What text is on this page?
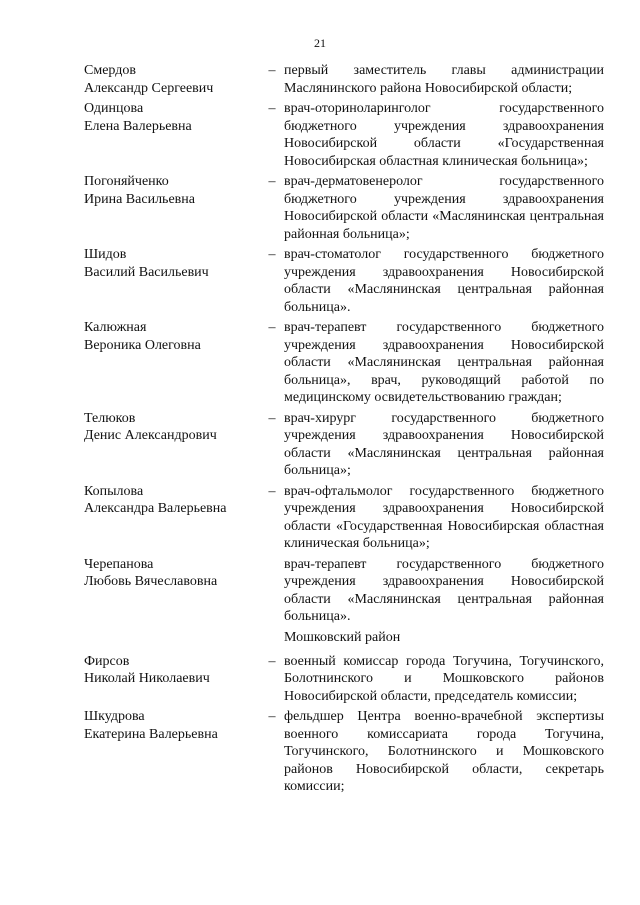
21
Смердов
Александр Сергеевич
– первый заместитель главы администрации Маслянинского района Новосибирской области;
Одинцова
Елена Валерьевна
– врач-оториноларинголог государственного бюджетного учреждения здравоохранения Новосибирской области «Государственная Новосибирская областная клиническая больница»;
Погоняйченко
Ирина Васильевна
– врач-дерматовенеролог государственного бюджетного учреждения здравоохранения Новосибирской области «Маслянинская центральная районная больница»;
Шидов
Василий Васильевич
– врач-стоматолог государственного бюджетного учреждения здравоохранения Новосибирской области «Маслянинская центральная районная больница».
Калюжная
Вероника Олеговна
– врач-терапевт государственного бюджетного учреждения здравоохранения Новосибирской области «Маслянинская центральная районная больница», врач, руководящий работой по медицинскому освидетельствованию граждан;
Телюков
Денис Александрович
– врач-хирург государственного бюджетного учреждения здравоохранения Новосибирской области «Маслянинская центральная районная больница»;
Копылова
Александра Валерьевна
– врач-офтальмолог государственного бюджетного учреждения здравоохранения Новосибирской области «Государственная Новосибирская областная клиническая больница»;
Черепанова
Любовь Вячеславовна
врач-терапевт государственного бюджетного учреждения здравоохранения Новосибирской области «Маслянинская центральная районная больница».
Мошковский район
Фирсов
Николай Николаевич
– военный комиссар города Тогучина, Тогучинского, Болотнинского и Мошковского районов Новосибирской области, председатель комиссии;
Шкудрова
Екатерина Валерьевна
– фельдшер Центра военно-врачебной экспертизы военного комиссариата города Тогучина, Тогучинского, Болотнинского и Мошковского районов Новосибирской области, секретарь комиссии;
